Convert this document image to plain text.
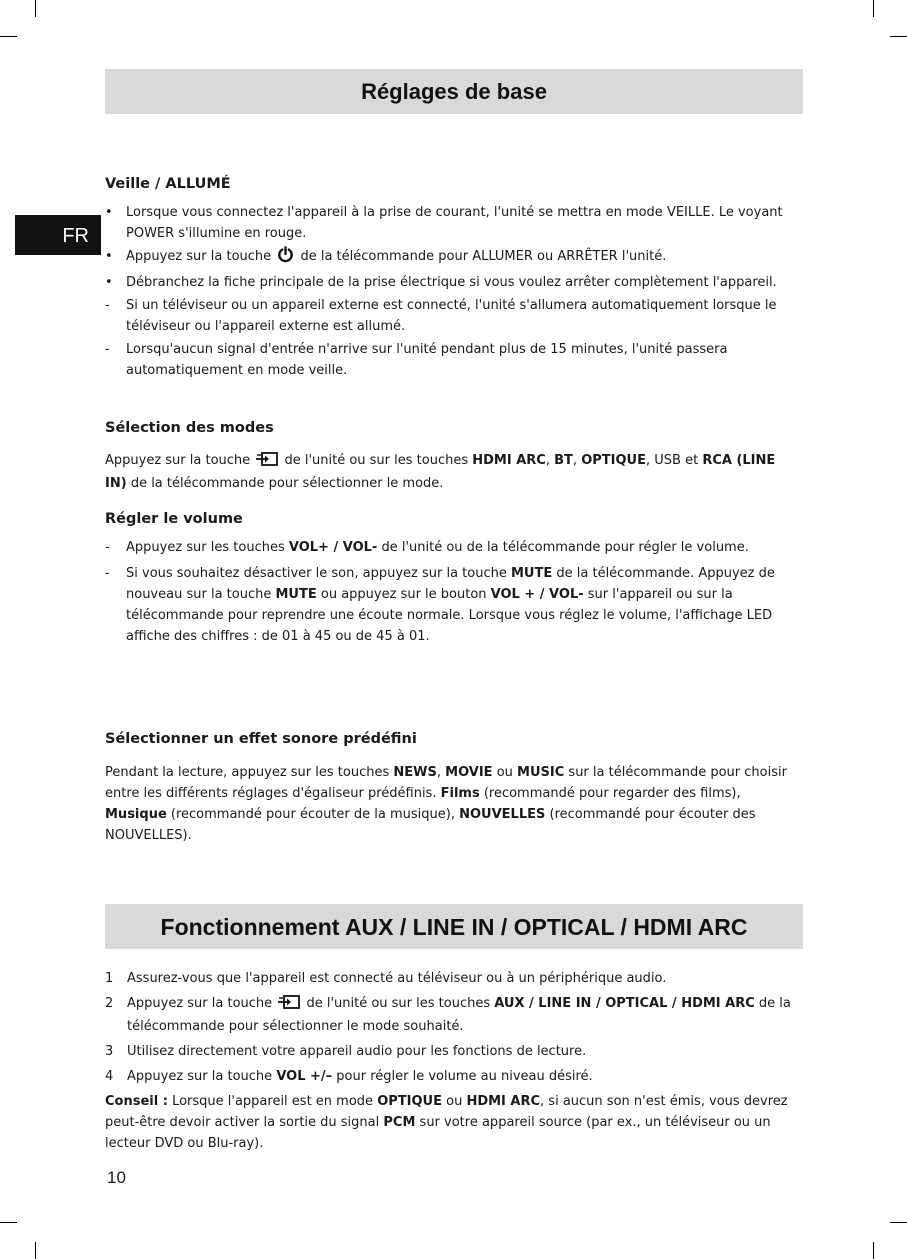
FR
Réglages de base
Veille / ALLUMÉ
• Lorsque vous connectez l'appareil à la prise de courant, l'unité se mettra en mode VEILLE. Le voyant POWER s'illumine en rouge.
• Appuyez sur la touche de la télécommande pour ALLUMER ou ARRÊTER l'unité.
• Débranchez la fiche principale de la prise électrique si vous voulez arrêter complètement l'appareil.
- Si un téléviseur ou un appareil externe est connecté, l'unité s'allumera automatiquement lorsque le téléviseur ou l'appareil externe est allumé.
- Lorsqu'aucun signal d'entrée n'arrive sur l'unité pendant plus de 15 minutes, l'unité passera automatiquement en mode veille.
Sélection des modes

Appuyez sur la touche	de l'unité ou sur les touches HDMI ARC, BT, OPTIQUE, USB et RCA (LINE IN) de la télécommande pour sélectionner le mode.

Régler le volume
- Appuyez sur les touches VOL+ / VOL- de l'unité ou de la télécommande pour régler le volume.
- Si vous souhaitez désactiver le son, appuyez sur la touche MUTE de la télécommande. Appuyez de nouveau sur la touche MUTE ou appuyez sur le bouton VOL + / VOL- sur l'appareil ou sur la télécommande pour reprendre une écoute normale. Lorsque vous réglez le volume, l'affichage LED affiche des chiffres : de 01 à 45 ou de 45 à 01.
Sélectionner un effet sonore prédéfini

Pendant la lecture, appuyez sur les touches NEWS, MOVIE ou MUSIC sur la télécommande pour choisir entre les différents réglages d'égaliseur prédéfinis. Films (recommandé pour regarder des films), Musique (recommandé pour écouter de la musique), NOUVELLES (recommandé pour écouter des NOUVELLES).

Fonctionnement AUX / LINE IN / OPTICAL / HDMI ARC
1 Assurez-vous que l'appareil est connecté au téléviseur ou à un périphérique audio.
2 Appuyez sur la touche	de l'unité ou sur les touches AUX / LINE IN / OPTICAL / HDMI ARC de la télécommande pour sélectionner le mode souhaité.
3 Utilisez directement votre appareil audio pour les fonctions de lecture.
4 Appuyez sur la touche VOL +/– pour régler le volume au niveau désiré.

Conseil : Lorsque l'appareil est en mode OPTIQUE ou HDMI ARC, si aucun son n'est émis, vous devrez peut-être devoir activer la sortie du signal PCM sur votre appareil source (par ex., un téléviseur ou un lecteur DVD ou Blu-ray).

10
